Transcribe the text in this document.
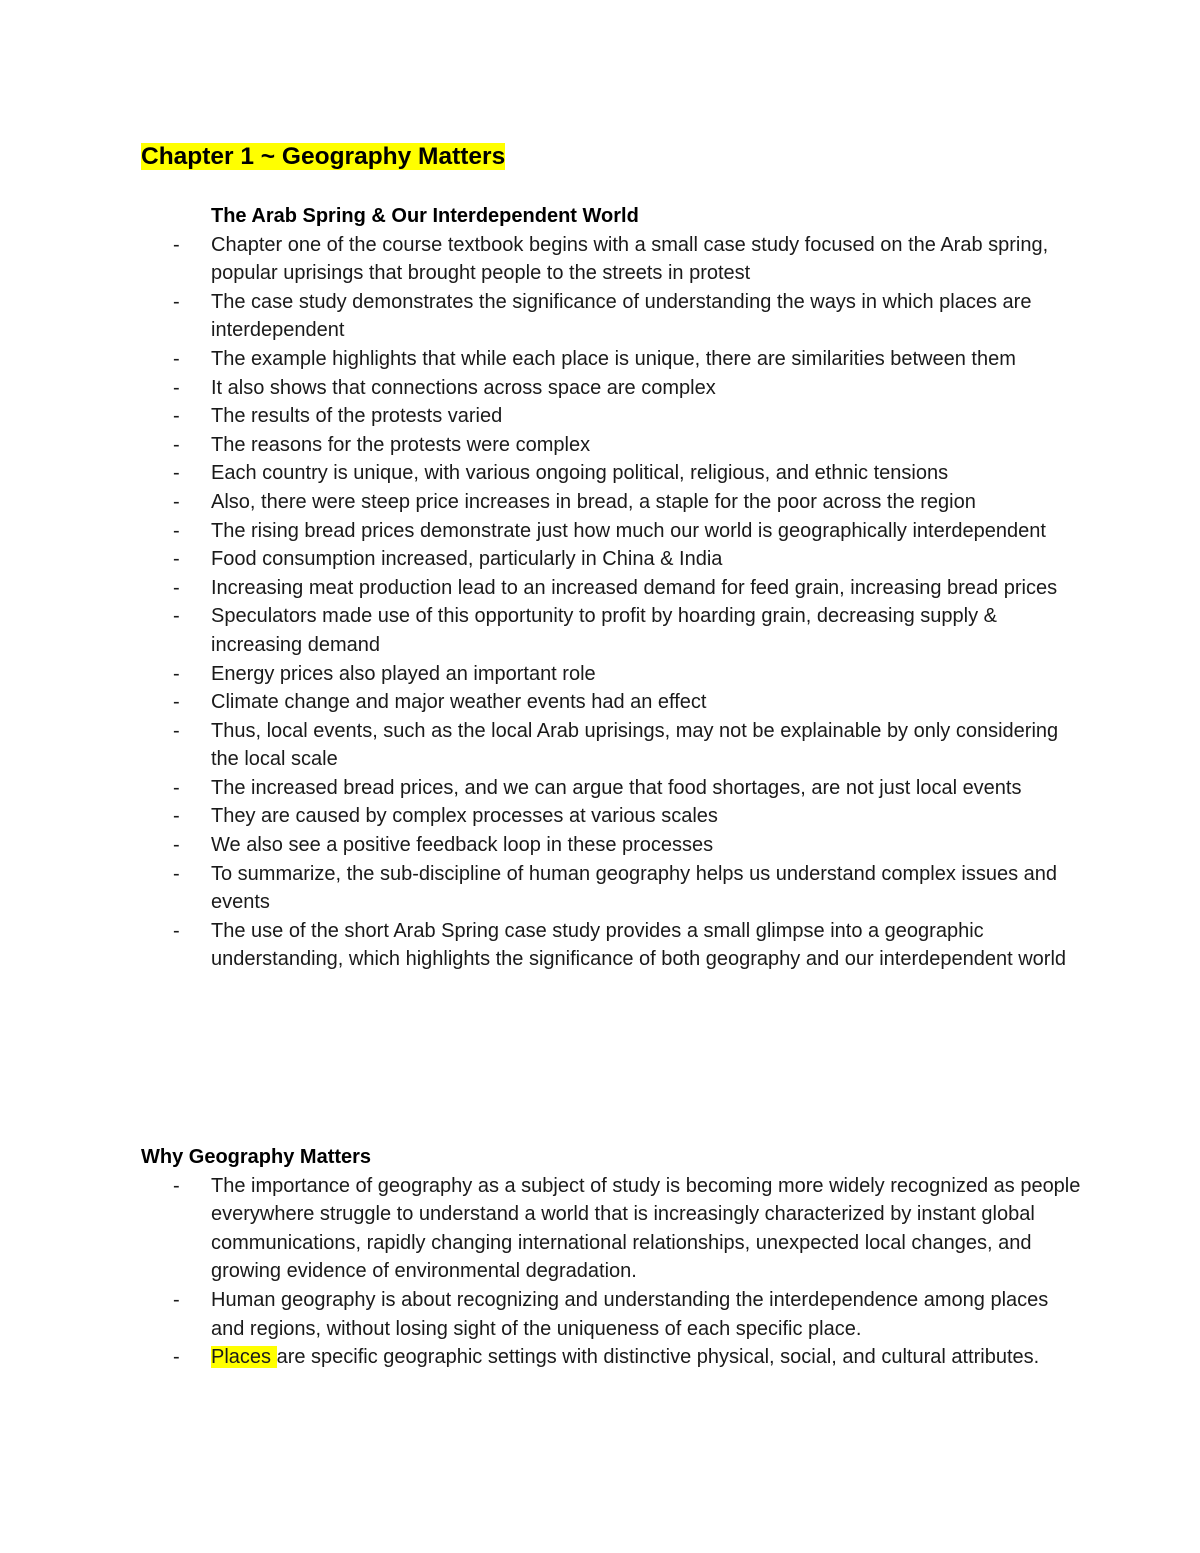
Chapter 1 ~ Geography Matters
The Arab Spring & Our Interdependent World
- Chapter one of the course textbook begins with a small case study focused on the Arab spring, popular uprisings that brought people to the streets in protest
- The case study demonstrates the significance of understanding the ways in which places are interdependent
- The example highlights that while each place is unique, there are similarities between them
- It also shows that connections across space are complex
- The results of the protests varied
- The reasons for the protests were complex
- Each country is unique, with various ongoing political, religious, and ethnic tensions
- Also, there were steep price increases in bread, a staple for the poor across the region
- The rising bread prices demonstrate just how much our world is geographically interdependent
- Food consumption increased, particularly in China & India
- Increasing meat production lead to an increased demand for feed grain, increasing bread prices
- Speculators made use of this opportunity to profit by hoarding grain, decreasing supply & increasing demand
- Energy prices also played an important role
- Climate change and major weather events had an effect
- Thus, local events, such as the local Arab uprisings, may not be explainable by only considering the local scale
- The increased bread prices, and we can argue that food shortages, are not just local events
- They are caused by complex processes at various scales
- We also see a positive feedback loop in these processes
- To summarize, the sub-discipline of human geography helps us understand complex issues and events
- The use of the short Arab Spring case study provides a small glimpse into a geographic understanding, which highlights the significance of both geography and our interdependent world
Why Geography Matters
- The importance of geography as a subject of study is becoming more widely recognized as people everywhere struggle to understand a world that is increasingly characterized by instant global communications, rapidly changing international relationships, unexpected local changes, and growing evidence of environmental degradation.
- Human geography is about recognizing and understanding the interdependence among places and regions, without losing sight of the uniqueness of each specific place.
- Places are specific geographic settings with distinctive physical, social, and cultural attributes.
